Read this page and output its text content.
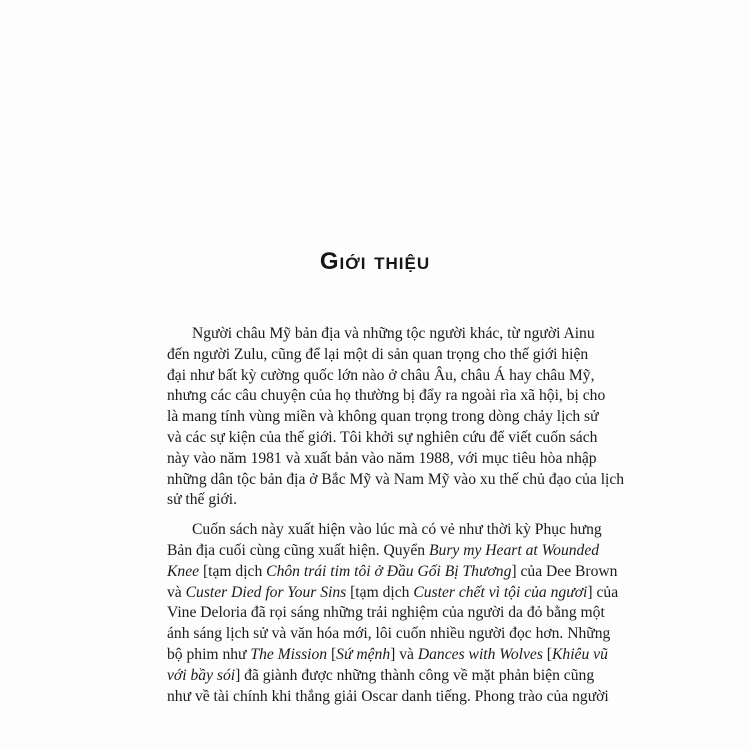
Giới thiệu
Người châu Mỹ bản địa và những tộc người khác, từ người Ainu
đến người Zulu, cũng để lại một di sản quan trọng cho thế giới hiện
đại như bất kỳ cường quốc lớn nào ở châu Âu, châu Á hay châu Mỹ,
nhưng các câu chuyện của họ thường bị đẩy ra ngoài rìa xã hội, bị cho
là mang tính vùng miền và không quan trọng trong dòng chảy lịch sử
và các sự kiện của thế giới. Tôi khởi sự nghiên cứu để viết cuốn sách
này vào năm 1981 và xuất bản vào năm 1988, với mục tiêu hòa nhập
những dân tộc bản địa ở Bắc Mỹ và Nam Mỹ vào xu thế chủ đạo của lịch
sử thế giới.
Cuốn sách này xuất hiện vào lúc mà có vẻ như thời kỳ Phục hưng
Bản địa cuối cùng cũng xuất hiện. Quyển Bury my Heart at Wounded
Knee [tạm dịch Chôn trái tim tôi ở Đầu Gối Bị Thương] của Dee Brown
và Custer Died for Your Sins [tạm dịch Custer chết vì tội của ngươi] của
Vine Deloria đã rọi sáng những trải nghiệm của người da đỏ bằng một
ánh sáng lịch sử và văn hóa mới, lôi cuốn nhiều người đọc hơn. Những
bộ phim như The Mission [Sứ mệnh] và Dances with Wolves [Khiêu vũ
với bầy sói] đã giành được những thành công về mặt phản biện cũng
như về tài chính khi thắng giải Oscar danh tiếng. Phong trào của người
